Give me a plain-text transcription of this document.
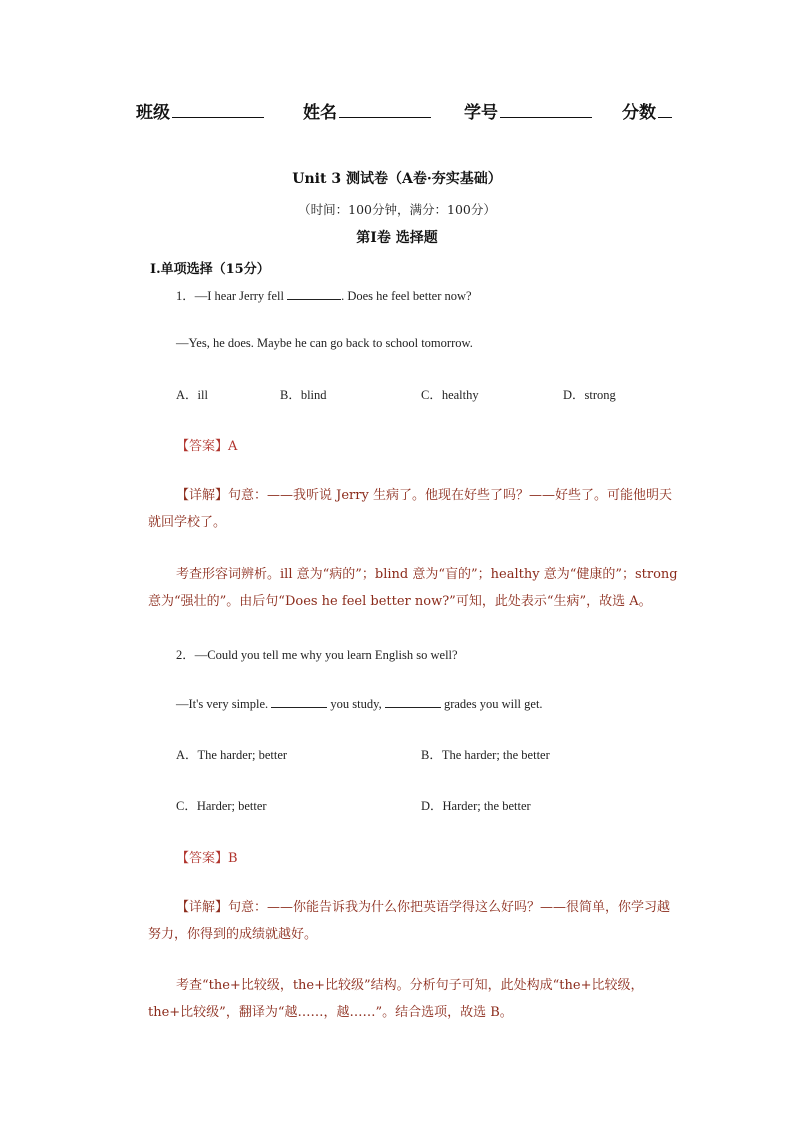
班级	姓名	学号	分数
Unit 3 测试卷（A卷·夯实基础）
（时间：100分钟，满分：100分）
第I卷 选择题
I.单项选择（15分）
1．—I hear Jerry fell	. Does he feel better now?
—Yes, he does. Maybe he can go back to school tomorrow.
A．ill	B．blind	C．healthy	D．strong
【答案】A
【详解】句意：——我听说 Jerry 生病了。他现在好些了吗？——好些了。可能他明天就回学校了。
考查形容词辨析。ill 意为“病的”；blind 意为“盲的”；healthy 意为“健康的”；strong 意为“强壮的”。由后句“Does he feel better now?”可知，此处表示“生病”，故选 A。
2．—Could you tell me why you learn English so well?
—It's very simple.	you study,	grades you will get.
A．The harder; better	B．The harder; the better
C．Harder; better	D．Harder; the better
【答案】B
【详解】句意：——你能告诉我为什么你把英语学得这么好吗？——很简单，你学习越努力，你得到的成绩就越好。
考查“the+比较级，the+比较级”结构。分析句子可知，此处构成“the+比较级，the+比较级”，翻译为“越……，越……”。结合选项，故选 B。
